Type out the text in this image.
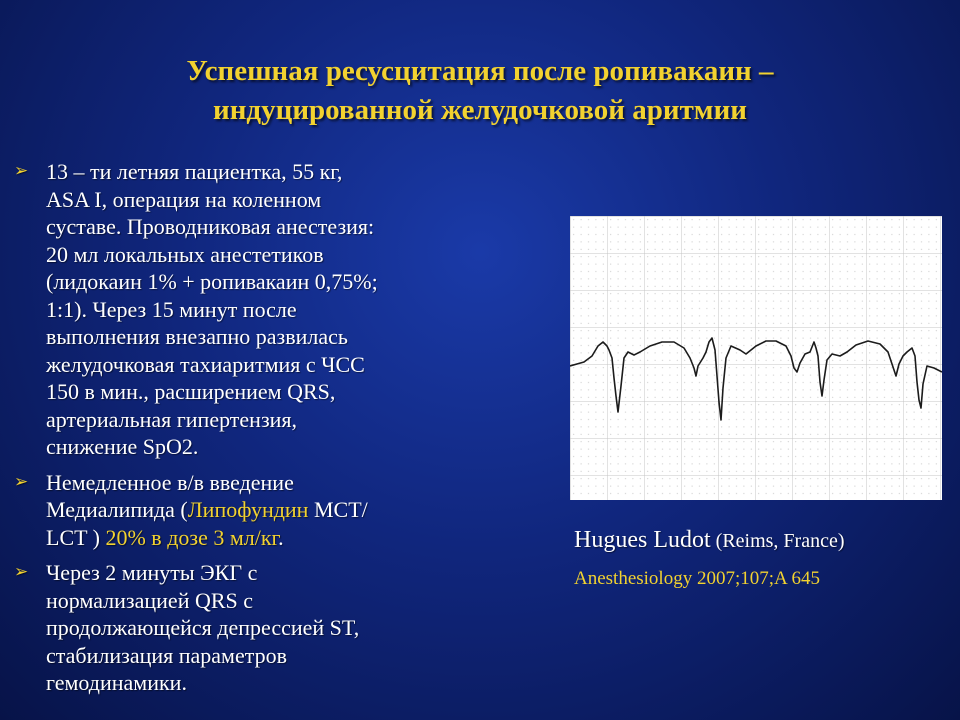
Успешная ресусцитация после ропивакаин –
индуцированной желудочковой аритмии
➢ 13 – ти летняя пациентка, 55 кг,
ASA I, операция на коленном
суставе. Проводниковая анестезия:
20 мл локальных анестетиков
(лидокаин 1% + ропивакаин 0,75%;
1:1). Через 15 минут после
выполнения внезапно развилась
желудочковая тахиаритмия с ЧСС
150 в мин., расширением QRS,
артериальная гипертензия,
снижение SpO2.
➢ Немедленное в/в введение
Медиалипида (Липофундин МСТ/
LCT ) 20% в дозе 3 мл/кг.
➢ Через 2 минуты ЭКГ с
нормализацией QRS с
продолжающейся депрессией ST,
стабилизация параметров
гемодинамики.
Hugues Ludot (Reims, France)
Anesthesiology 2007;107;A 645
